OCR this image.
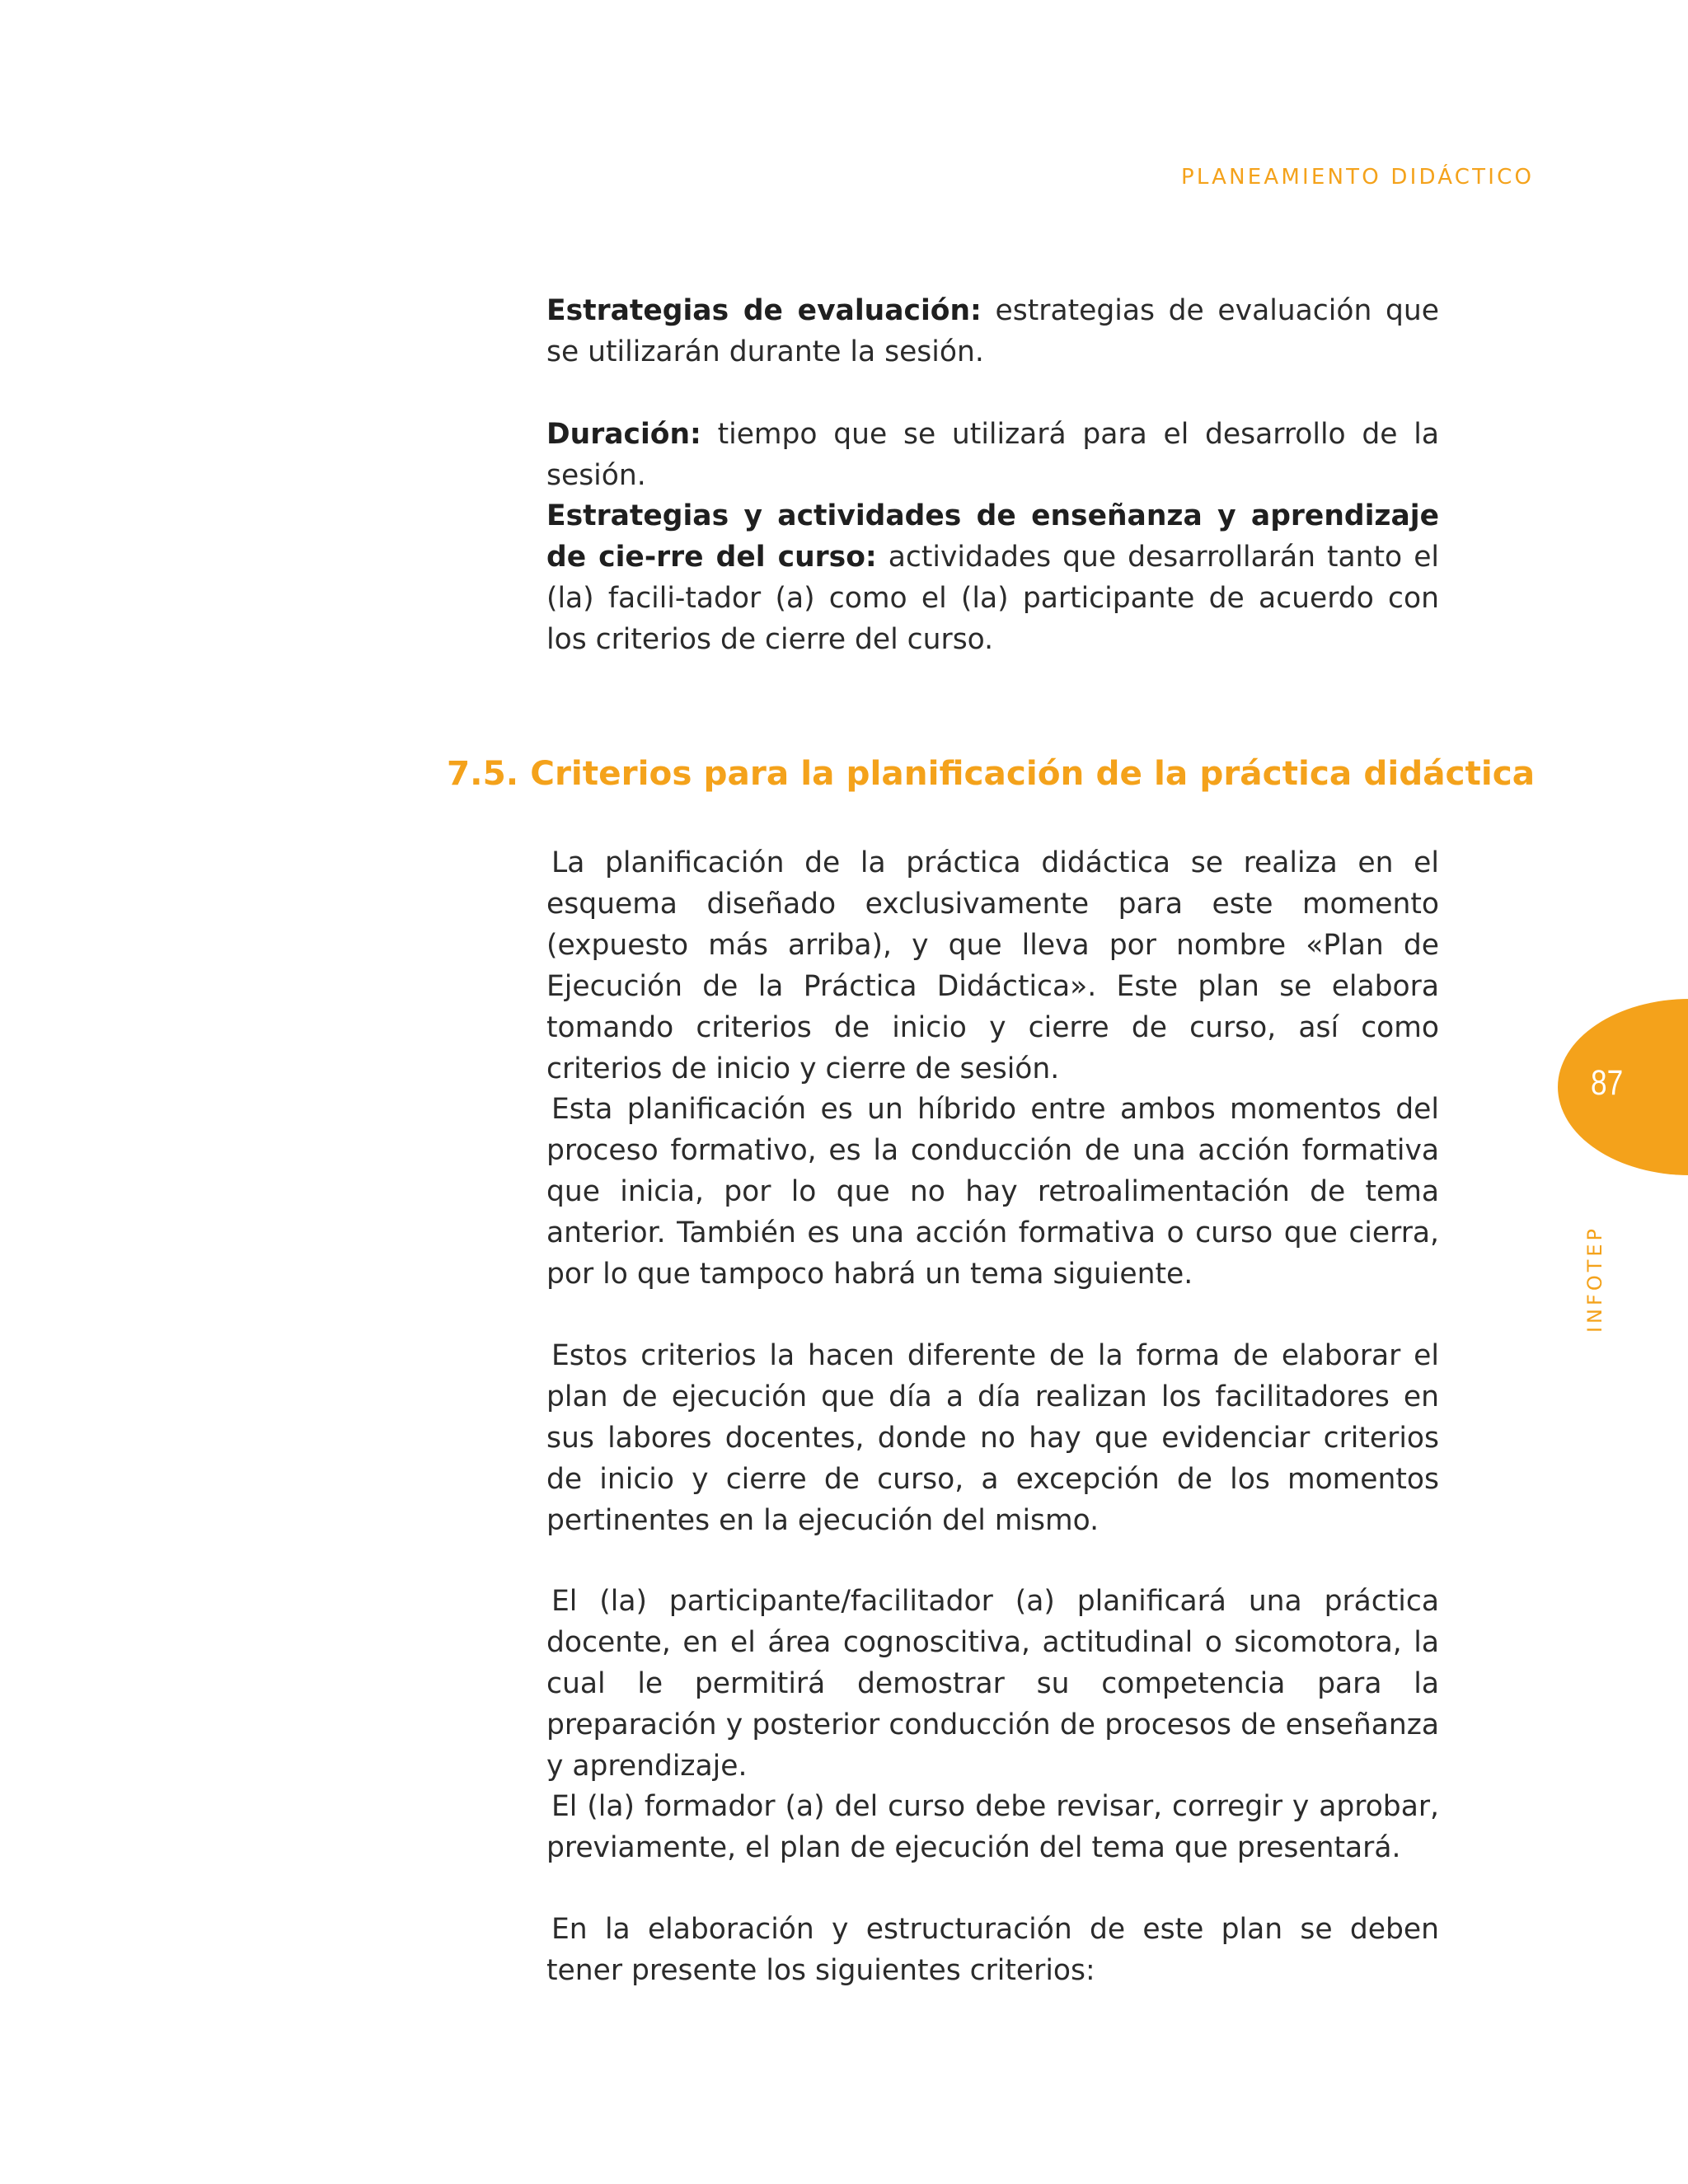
PLANEAMIENTO DIDÁCTICO

Estrategias de evaluación: estrategias de evaluación que se utilizarán durante la sesión.

Duración: tiempo que se utilizará para el desarrollo de la sesión.

Estrategias y actividades de enseñanza y aprendizaje de cie-rre del curso: actividades que desarrollarán tanto el (la) facili-tador (a) como el (la) participante de acuerdo con los criterios de cierre del curso.

7.5. Criterios para la planificación de la práctica didáctica

La planificación de la práctica didáctica se realiza en el esquema diseñado exclusivamente para este momento (expuesto más arriba), y que lleva por nombre «Plan de Ejecución de la Práctica Didáctica». Este plan se elabora tomando criterios de inicio y cierre de curso, así como criterios de inicio y cierre de sesión.

Esta planificación es un híbrido entre ambos momentos del proceso formativo, es la conducción de una acción formativa que inicia, por lo que no hay retroalimentación de tema anterior. También es una acción formativa o curso que cierra, por lo que tampoco habrá un tema siguiente.

Estos criterios la hacen diferente de la forma de elaborar el plan de ejecución que día a día realizan los facilitadores en sus labores docentes, donde no hay que evidenciar criterios de inicio y cierre de curso, a excepción de los momentos pertinentes en la ejecución del mismo.

El (la) participante/facilitador (a) planificará una práctica docente, en el área cognoscitiva, actitudinal o sicomotora, la cual le permitirá demostrar su competencia para la preparación y posterior conducción de procesos de enseñanza y aprendizaje.

El (la) formador (a) del curso debe revisar, corregir y aprobar, previamente, el plan de ejecución del tema que presentará.

En la elaboración y estructuración de este plan se deben tener presente los siguientes criterios:

87
INFOTEP
